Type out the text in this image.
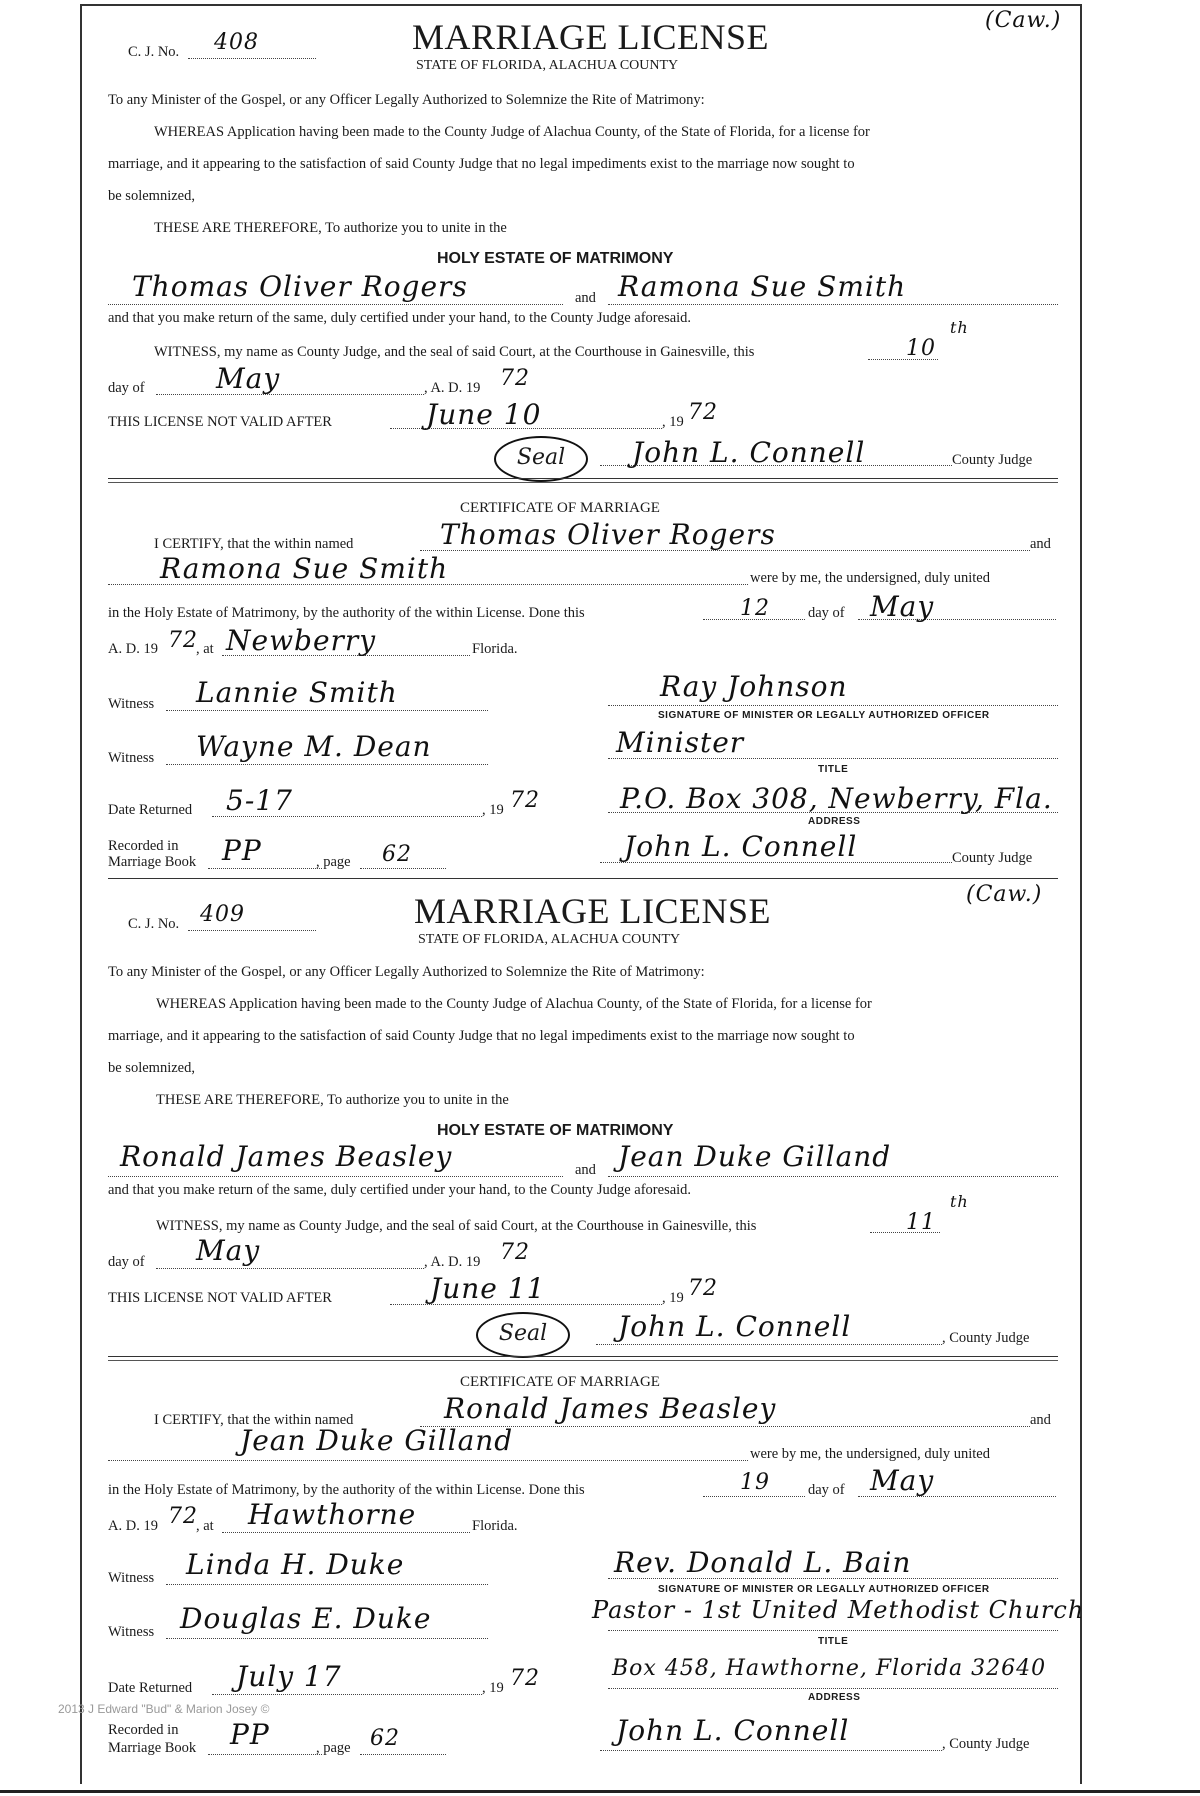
(Caw.)
C. J. No. 408	MARRIAGE LICENSE
STATE OF FLORIDA, ALACHUA COUNTY
To any Minister of the Gospel, or any Officer Legally Authorized to Solemnize the Rite of Matrimony:
WHEREAS Application having been made to the County Judge of Alachua County, of the State of Florida, for a license for
marriage, and it appearing to the satisfaction of said County Judge that no legal impediments exist to the marriage now sought to
be solemnized,
THESE ARE THEREFORE, To authorize you to unite in the
HOLY ESTATE OF MATRIMONY
Thomas Oliver Rogers	and Ramona Sue Smith
and that you make return of the same, duly certified under your hand, to the County Judge aforesaid.
WITNESS, my name as County Judge, and the seal of said Court, at the Courthouse in Gainesville, this	10
th
day of	May	, A. D. 19 72
THIS LICENSE NOT VALID AFTER	June 10	, 19 72
Seal	John L. Connell	County Judge
CERTIFICATE OF MARRIAGE
I CERTIFY, that the within named	Thomas Oliver Rogers	and
Ramona Sue Smith	were by me, the undersigned, duly united
in the Holy Estate of Matrimony, by the authority of the within License. Done this	12	day of May
A. D. 19 72
, at Newberry	Florida.
Witness Lannie Smith	Ray Johnson
SIGNATURE OF MINISTER OR LEGALLY AUTHORIZED OFFICER
Witness Wayne M. Dean	Minister
TITLE
Date Returned 5-17	, 19 72	P.O. Box 308, Newberry, Fla.
ADDRESS
Recorded in
Marriage Book PP	, page 62	John L. Connell	County Judge
(Caw.)
C. J. No. 409	MARRIAGE LICENSE
STATE OF FLORIDA, ALACHUA COUNTY
To any Minister of the Gospel, or any Officer Legally Authorized to Solemnize the Rite of Matrimony:
WHEREAS Application having been made to the County Judge of Alachua County, of the State of Florida, for a license for
marriage, and it appearing to the satisfaction of said County Judge that no legal impediments exist to the marriage now sought to
be solemnized,
THESE ARE THEREFORE, To authorize you to unite in the
HOLY ESTATE OF MATRIMONY
Ronald James Beasley	and Jean Duke Gilland
and that you make return of the same, duly certified under your hand, to the County Judge aforesaid.
WITNESS, my name as County Judge, and the seal of said Court, at the Courthouse in Gainesville, this	11
th
day of May	, A. D. 19 72
THIS LICENSE NOT VALID AFTER	June 11	, 19 72
Seal	John L. Connell	, County Judge
CERTIFICATE OF MARRIAGE
I CERTIFY, that the within named	Ronald James Beasley	and
Jean Duke Gilland	were by me, the undersigned, duly united
in the Holy Estate of Matrimony, by the authority of the within License. Done this	19	day of May
A. D. 19 72
, at Hawthorne	Florida.
Witness Linda H. Duke	Rev. Donald L. Bain
SIGNATURE OF MINISTER OR LEGALLY AUTHORIZED OFFICER
Witness Douglas E. Duke	Pastor - 1st United Methodist Church
TITLE
Date Returned July 17	, 19 72	Box 458, Hawthorne, Florida 32640
ADDRESS
Recorded in
Marriage Book PP	, page 62	John L. Connell	, County Judge
2013 J Edward "Bud" & Marion Josey ©
